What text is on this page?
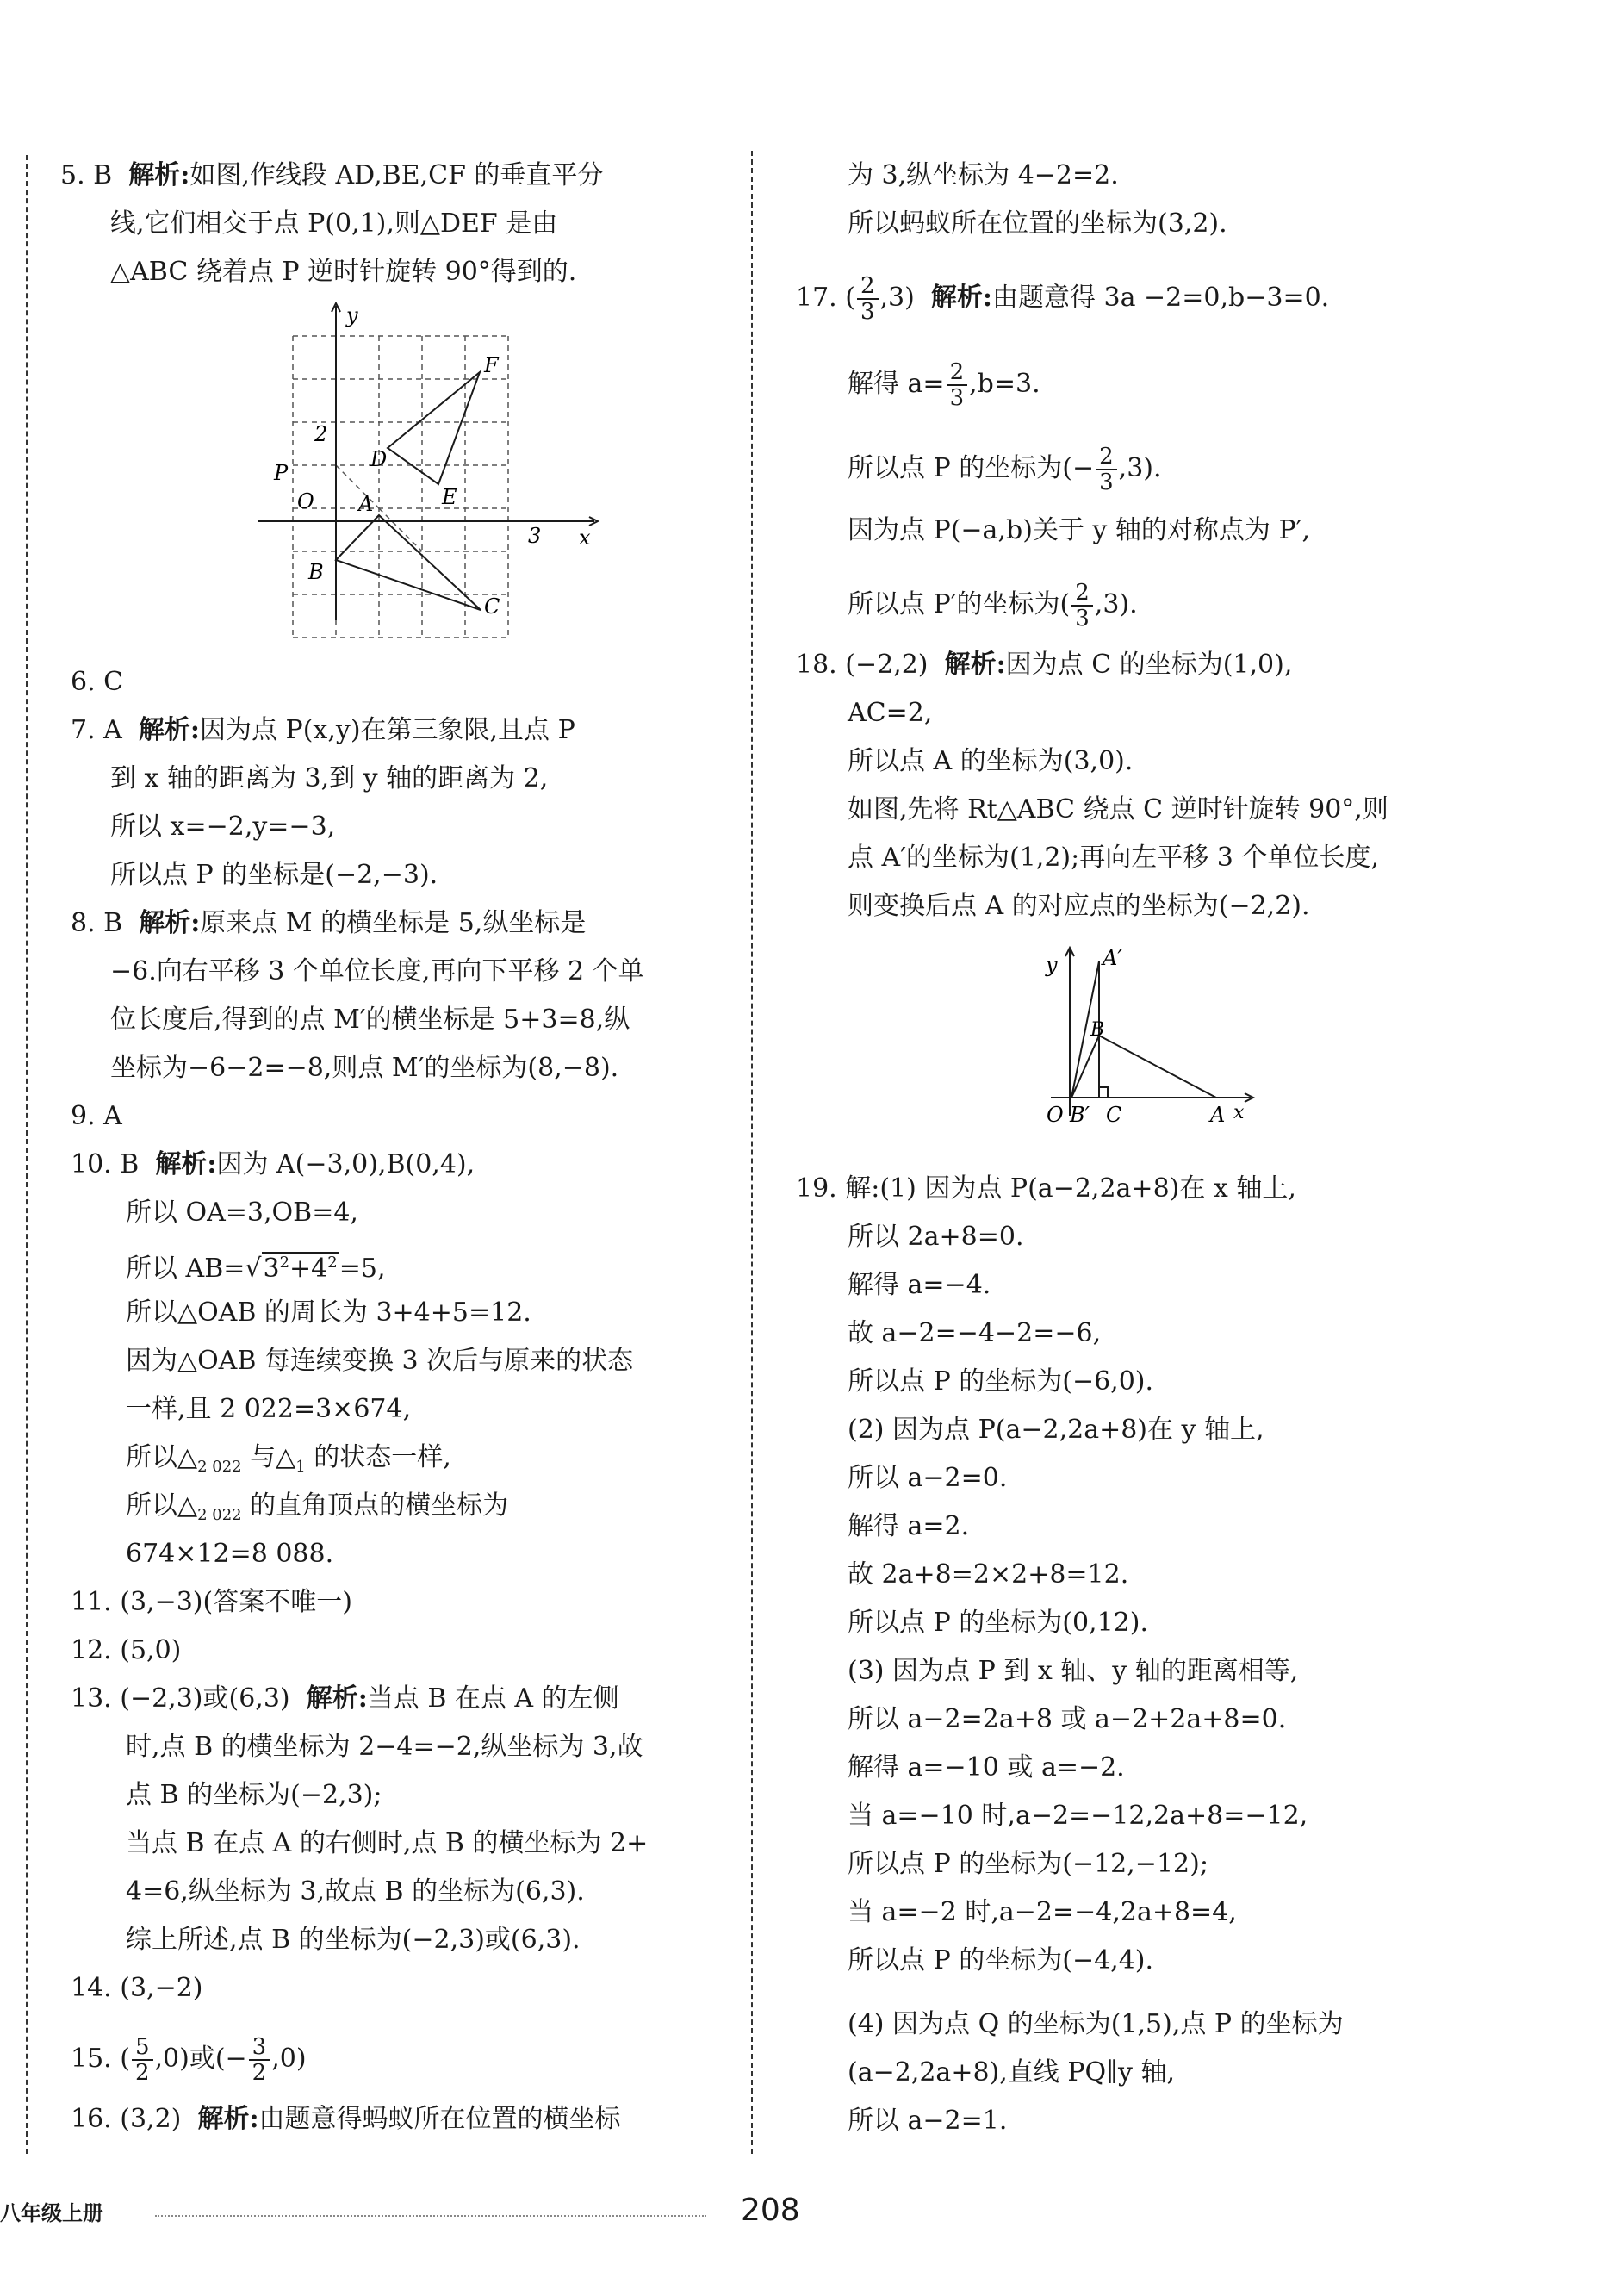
5. B 解析:如图,作线段 AD,BE,CF 的垂直平分
线,它们相交于点 P(0,1),则△DEF 是由
△ABC 绕着点 P 逆时针旋转 90°得到的.
y
x
F
D
E
A
B
C
P
O
2
3
6. C
7. A 解析:因为点 P(x,y)在第三象限,且点 P
到 x 轴的距离为 3,到 y 轴的距离为 2,
所以 x=−2,y=−3,
所以点 P 的坐标是(−2,−3).
8. B 解析:原来点 M 的横坐标是 5,纵坐标是
−6.向右平移 3 个单位长度,再向下平移 2 个单
位长度后,得到的点 M′的横坐标是 5+3=8,纵
坐标为−6−2=−8,则点 M′的坐标为(8,−8).
9. A
10. B 解析:因为 A(−3,0),B(0,4),
所以 OA=3,OB=4,
所以 $AB=√3^2+4^2=5$,
所以△OAB 的周长为 3+4+5=12.
因为△OAB 每连续变换 3 次后与原来的状态
一样,且 2 022=3×674,
所以$\triangle_{2 022}$ 与$\triangle_1$ 的状态一样,
所以$\triangle_{2 022}$ 的直角顶点的横坐标为
674×12=8 088.
11. (3,−3)(答案不唯一)
12. (5,0)
13. (−2,3)或(6,3) 解析:当点 B 在点 A 的左侧
时,点 B 的横坐标为 2−4=−2,纵坐标为 3,故
点 B 的坐标为(−2,3);
当点 B 在点 A 的右侧时,点 B 的横坐标为 2+
4=6,纵坐标为 3,故点 B 的坐标为(6,3).
综上所述,点 B 的坐标为(−2,3)或(6,3).
14. (3,−2)
15. ( $\frac{5}{2} ,0$)或(− $\frac{3}{2} ,0$)
16. (3,2) 解析:由题意得蚂蚁所在位置的横坐标
为 3,纵坐标为 4−2=2.
所以蚂蚁所在位置的坐标为(3,2).
17. ( $\frac{2}{3} ,3$) 解析:由题意得 3a −2=0,b−3=0.
解得 $a= \frac{2}{3} ,b=3$.
所以点 P 的坐标为(− $\frac{2}{3} ,3$).
因为点 P(−a,b)关于 y 轴的对称点为 P′,
所以点 P′的坐标为( $\frac{2}{3} ,3$).
18. (−2,2) 解析:因为点 C 的坐标为(1,0),
AC=2,
所以点 A 的坐标为(3,0).
如图,先将 Rt△ABC 绕点 C 逆时针旋转 90°,则
点 A′的坐标为(1,2);再向左平移 3 个单位长度,
则变换后点 A 的对应点的坐标为(−2,2).
y A′
B
O B′ C	A x
19. 解:(1) 因为点 P(a−2,2a+8)在 x 轴上,
所以 2a+8=0.
解得 a=−4.
故 a−2=−4−2=−6,
所以点 P 的坐标为(−6,0).
(2) 因为点 P(a−2,2a+8)在 y 轴上,
所以 a−2=0.
解得 a=2.
故 2a+8=2×2+8=12.
所以点 P 的坐标为(0,12).
(3) 因为点 P 到 x 轴、y 轴的距离相等,
所以 a−2=2a+8 或 a−2+2a+8=0.
解得 a=−10 或 a=−2.
当 a=−10 时,a−2=−12,2a+8=−12,
所以点 P 的坐标为(−12,−12);
当 a=−2 时,a−2=−4,2a+8=4,
所以点 P 的坐标为(−4,4).
(4) 因为点 Q 的坐标为(1,5),点 P 的坐标为
(a−2,2a+8),直线 PQ∥y 轴,
所以 a−2=1.
八年级上册	208
